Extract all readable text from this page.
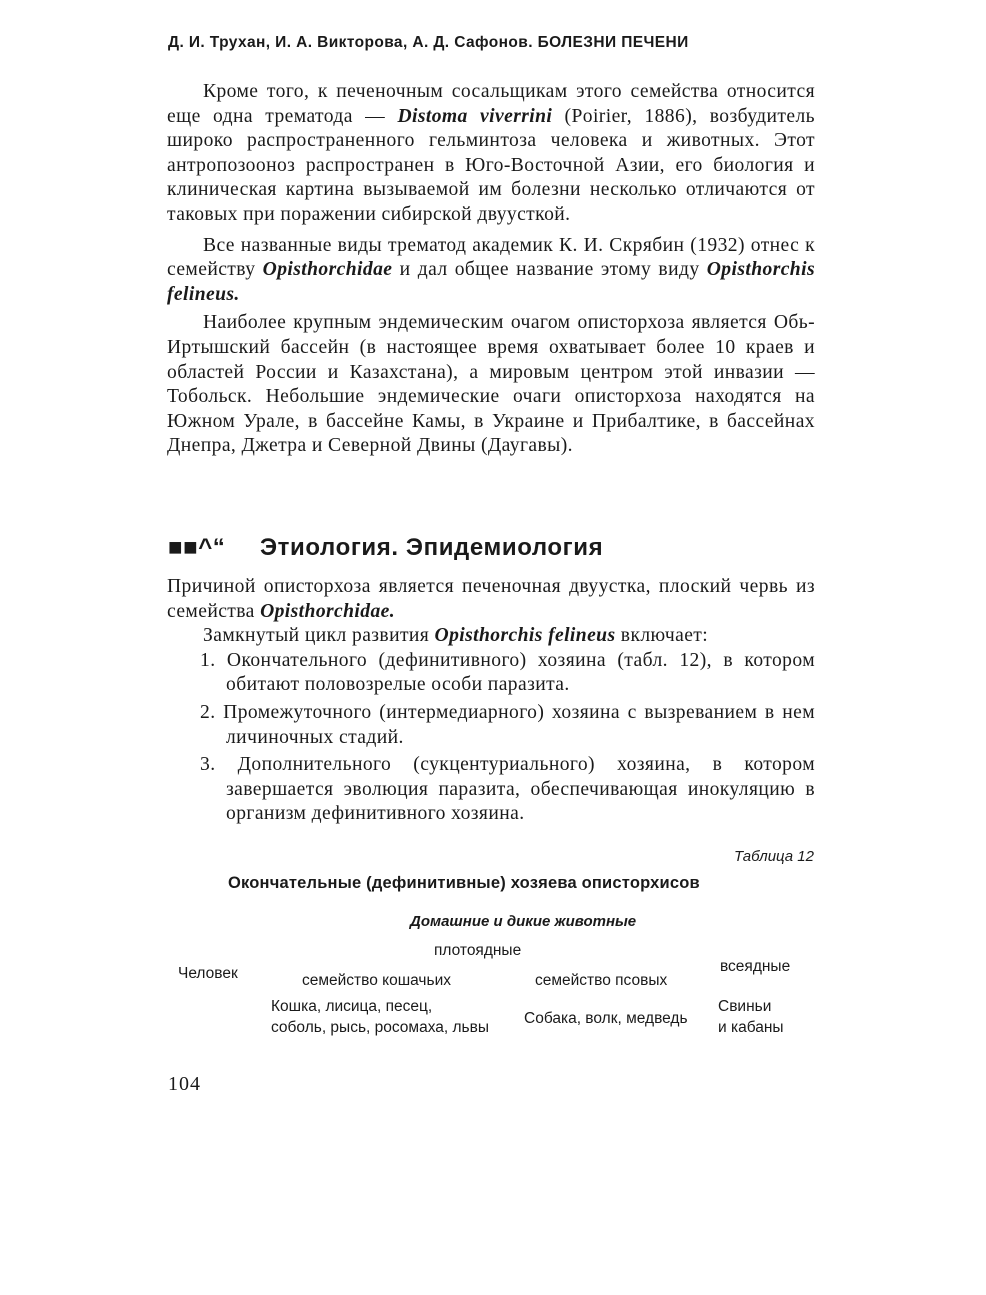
Д. И. Трухан, И. А. Викторова, А. Д. Сафонов. БОЛЕЗНИ ПЕЧЕНИ

Кроме того, к печеночным сосальщикам этого семейства относится еще одна трематода — Distoma viverrini (Poirier, 1886), возбудитель широко распространенного гельминтоза человека и животных. Этот антропозооноз распространен в Юго-Восточной Азии, его биология и клиническая картина вызываемой им болезни несколько отличаются от таковых при поражении сибирской двуусткой.

Все названные виды трематод академик К. И. Скрябин (1932) отнес к семейству Opisthorchidae и дал общее название этому виду Opisthorchis felineus.

Наиболее крупным эндемическим очагом описторхоза является Обь-Иртышский бассейн (в настоящее время охватывает более 10 краев и областей России и Казахстана), а мировым центром этой инвазии — Тобольск. Небольшие эндемические очаги описторхоза находятся на Южном Урале, в бассейне Камы, в Украине и Прибалтике, в бассейнах Днепра, Джетра и Северной Двины (Даугавы).

■■^“ Этиология. Эпидемиология

Причиной описторхоза является печеночная двуустка, плоский червь из семейства Opisthorchidae.

Замкнутый цикл развития Opisthorchis felineus включает:

1. Окончательного (дефинитивного) хозяина (табл. 12), в котором обитают половозрелые особи паразита.
2. Промежуточного (интермедиарного) хозяина с вызреванием в нем личиночных стадий.
3. Дополнительного (сукцентуриального) хозяина, в котором завершается эволюция паразита, обеспечивающая инокуляцию в организм дефинитивного хозяина.
Таблица 12
Окончательные (дефинитивные) хозяева описторхисов
Домашние и дикие животные
плотоядные
Человек	семейство кошачьих	семейство псовых
всеядные
Кошка, лисица, песец,
соболь, рысь, росомаха, львы
Собака, волк, медведь
Свиньи
и кабаны
104
